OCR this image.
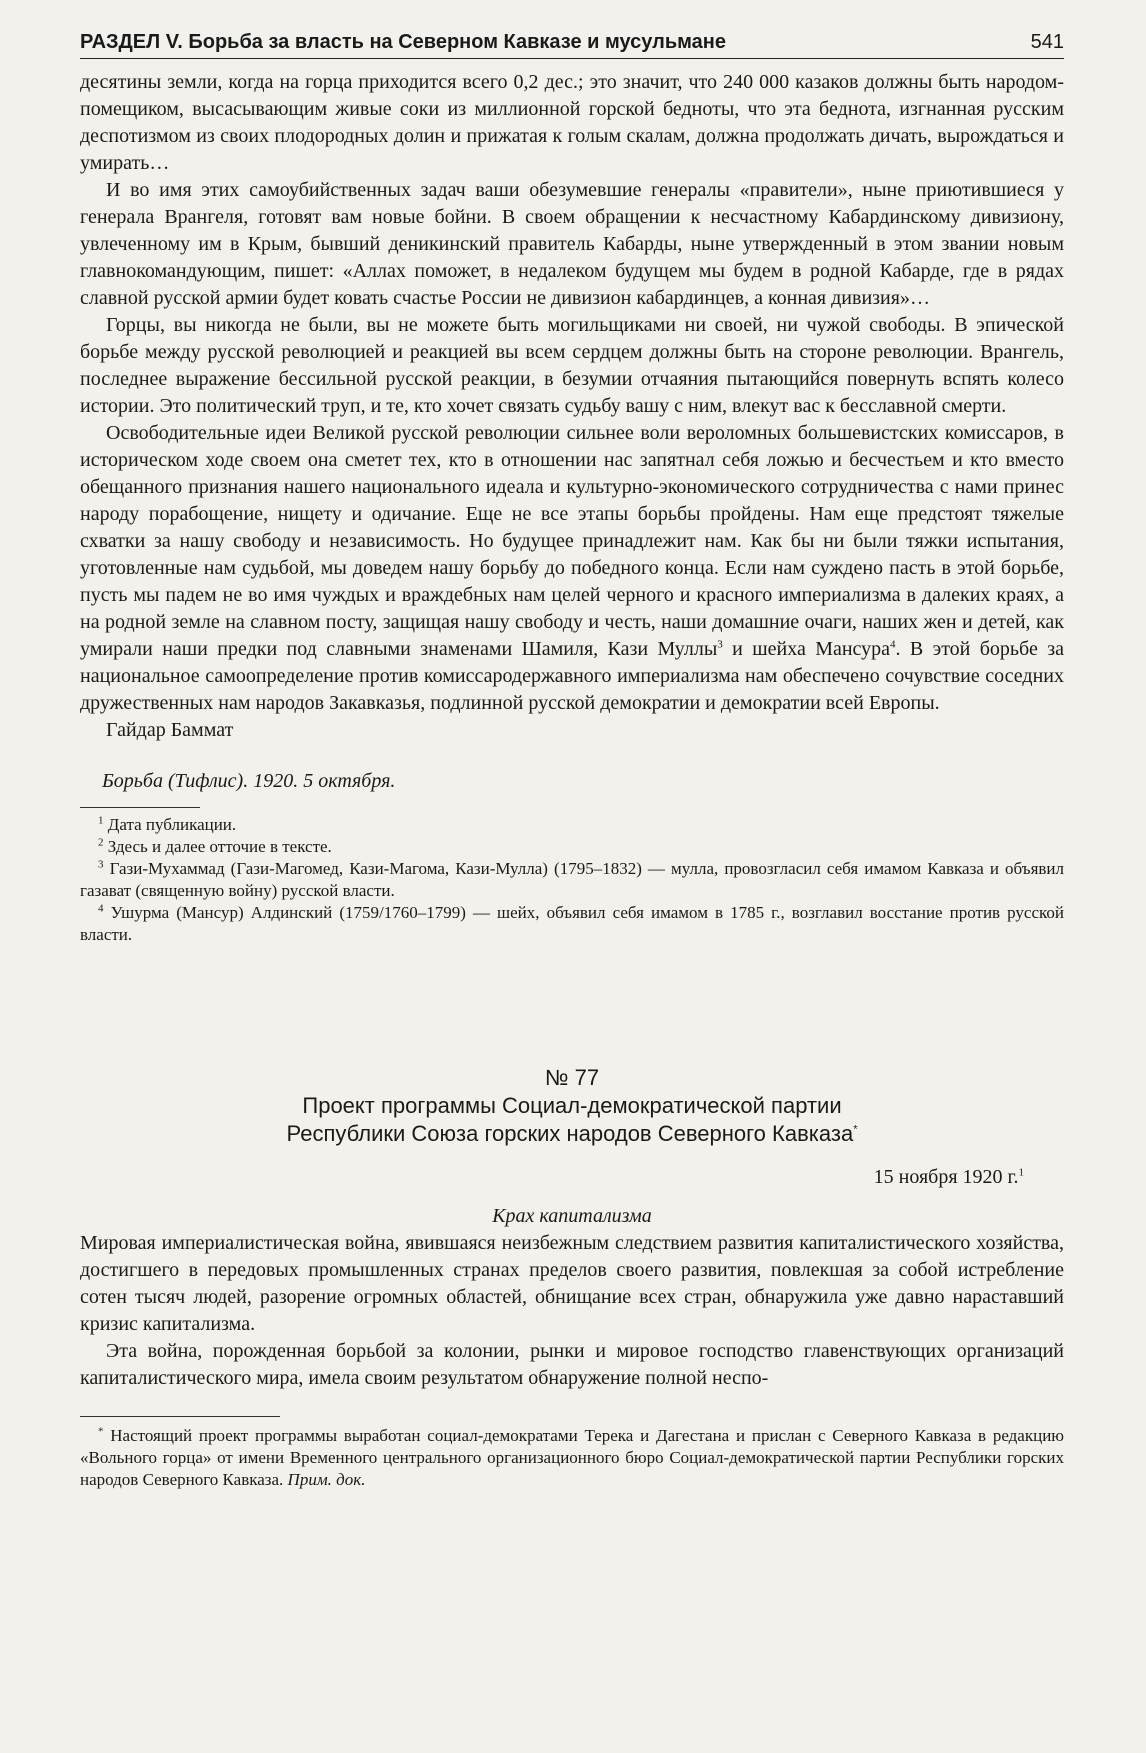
РАЗДЕЛ V. Борьба за власть на Северном Кавказе и мусульмане	541

десятины земли, когда на горца приходится всего 0,2 дес.; это значит, что 240 000 казаков должны быть народом-помещиком, высасывающим живые соки из миллионной горской бедноты, что эта беднота, изгнанная русским деспотизмом из своих плодородных долин и прижатая к голым скалам, должна продолжать дичать, вырождаться и умирать…

И во имя этих самоубийственных задач ваши обезумевшие генералы «правители», ныне приютившиеся у генерала Врангеля, готовят вам новые бойни. В своем обращении к несчастному Кабардинскому дивизиону, увлеченному им в Крым, бывший деникинский правитель Кабарды, ныне утвержденный в этом звании новым главнокомандующим, пишет: «Аллах поможет, в недалеком будущем мы будем в родной Кабарде, где в рядах славной русской армии будет ковать счастье России не дивизион кабардинцев, а конная дивизия»…

Горцы, вы никогда не были, вы не можете быть могильщиками ни своей, ни чужой свободы. В эпической борьбе между русской революцией и реакцией вы всем сердцем должны быть на стороне революции. Врангель, последнее выражение бессильной русской реакции, в безумии отчаяния пытающийся повернуть вспять колесо истории. Это политический труп, и те, кто хочет связать судьбу вашу с ним, влекут вас к бесславной смерти.

Освободительные идеи Великой русской революции сильнее воли вероломных большевистских комиссаров, в историческом ходе своем она сметет тех, кто в отношении нас запятнал себя ложью и бесчестьем и кто вместо обещанного признания нашего национального идеала и культурно-экономического сотрудничества с нами принес народу порабощение, нищету и одичание. Еще не все этапы борьбы пройдены. Нам еще предстоят тяжелые схватки за нашу свободу и независимость. Но будущее принадлежит нам. Как бы ни были тяжки испытания, уготовленные нам судьбой, мы доведем нашу борьбу до победного конца. Если нам суждено пасть в этой борьбе, пусть мы падем не во имя чуждых и враждебных нам целей черного и красного империализма в далеких краях, а на родной земле на славном посту, защищая нашу свободу и честь, наши домашние очаги, наших жен и детей, как умирали наши предки под славными знаменами Шамиля, Кази Муллы$^3$ и шейха Мансура$^4$. В этой борьбе за национальное самоопределение против комиссародержавного империализма нам обеспечено сочувствие соседних дружественных нам народов Закавказья, подлинной русской демократии и демократии всей Европы.

Гайдар Баммат

Борьба (Тифлис). 1920. 5 октября.

$^1$ Дата публикации.

$^2$ Здесь и далее отточие в тексте.

$^3$ Гази-Мухаммад (Гази-Магомед, Кази-Магома, Кази-Мулла) (1795–1832) — мулла, провозгласил себя имамом Кавказа и объявил газават (священную войну) русской власти.

$^4$ Ушурма (Мансур) Алдинский (1759/1760–1799) — шейх, объявил себя имамом в 1785 г., возглавил восстание против русской власти.

№ 77
Проект программы Социал-демократической партии
Республики Союза горских народов Северного Кавказа*
15 ноября 1920 г.$^1$
Крах капитализма

Мировая империалистическая война, явившаяся неизбежным следствием развития капиталистического хозяйства, достигшего в передовых промышленных странах пределов своего развития, повлекшая за собой истребление сотен тысяч людей, разорение огромных областей, обнищание всех стран, обнаружила уже давно нараставший кризис капитализма.

Эта война, порожденная борьбой за колонии, рынки и мировое господство главенствующих организаций капиталистического мира, имела своим результатом обнаружение полной неспо-

* Настоящий проект программы выработан социал-демократами Терека и Дагестана и прислан с Северного Кавказа в редакцию «Вольного горца» от имени Временного центрального организационного бюро Социал-демократической партии Республики горских народов Северного Кавказа. Прим. док.
